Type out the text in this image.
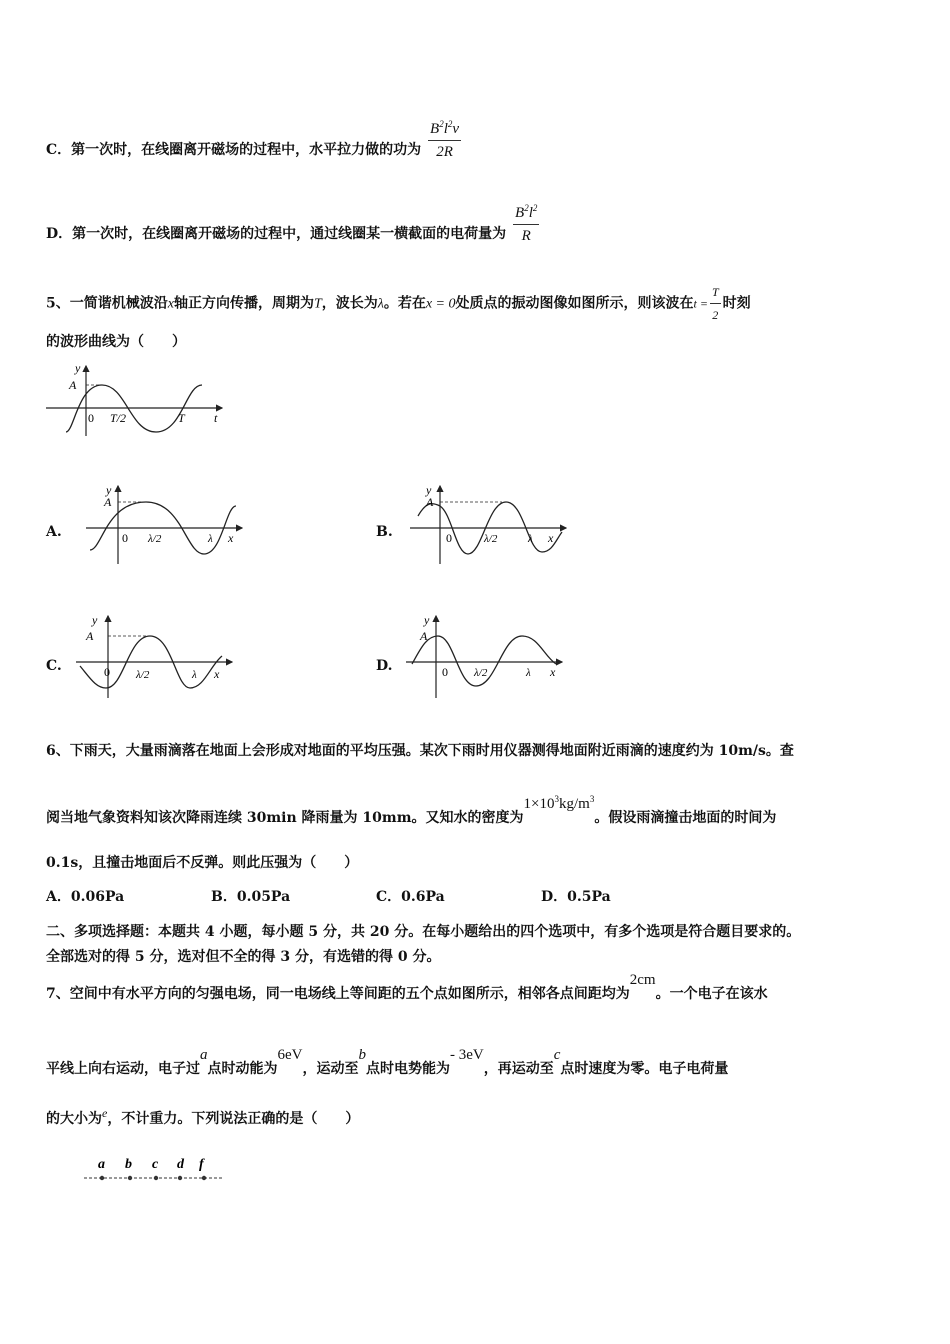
C．第一次时，在线圈离开磁场的过程中，水平拉力做的功为 $\frac{B^2l^2v}{2R}$
D．第一次时，在线圈离开磁场的过程中，通过线圈某一横截面的电荷量为 $\frac{B^2l^2}{R}$
5、一简谐机械波沿x轴正方向传播，周期为T，波长为λ。若在x = 0处质点的振动图像如图所示，则该波在$t = \frac{T}{2}$ 时刻
的波形曲线为（　　）
y
A
0 T/2	T t
A.
y
A
0 λ/2	λ x	B.
y
A
0	λ/2	λ x
C.
y
A
0 λ/2	λ x	D.
y
A
0 λ/2	λ x
6、下雨天，大量雨滴落在地面上会形成对地面的平均压强。某次下雨时用仪器测得地面附近雨滴的速度约为 10m/s。查
阅当地气象资料知该次降雨连续 30min 降雨量为 10mm。又知水的密度为$1\times 10^3kg/m^3$。假设雨滴撞击地面的时间为
0.1s，且撞击地面后不反弹。则此压强为（　　）
A．0.06Pa	B．0.05Pa	C．0.6Pa	D．0.5Pa
二、多项选择题：本题共 4 小题，每小题 5 分，共 20 分。在每小题给出的四个选项中，有多个选项是符合题目要求的。
全部选对的得 5 分，选对但不全的得 3 分，有选错的得 0 分。
7、空间中有水平方向的匀强电场，同一电场线上等间距的五个点如图所示，相邻各点间距均为2cm。一个电子在该水
平线上向右运动，电子过a点时动能为6eV，运动至b点时电势能为- 3eV，再运动至c点时速度为零。电子电荷量
的大小为e，不计重力。下列说法正确的是（　　）
a b c d f
